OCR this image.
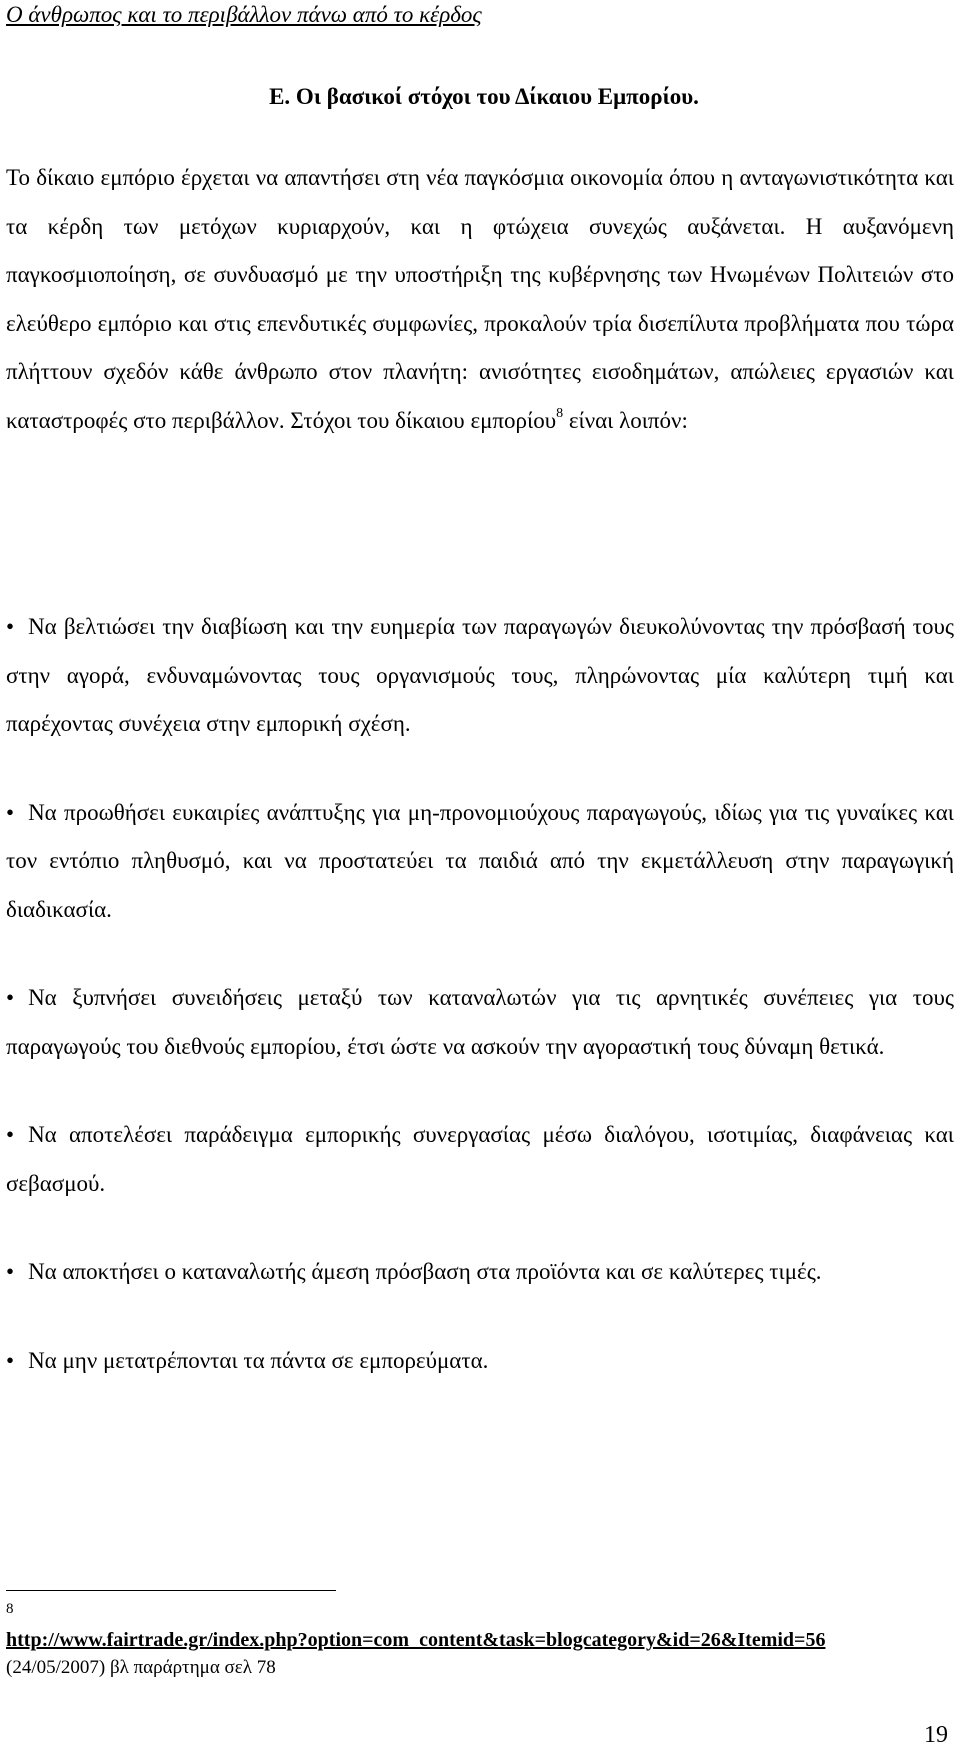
Ο άνθρωπος και το περιβάλλον πάνω από το κέρδος
Ε. Οι βασικοί στόχοι του Δίκαιου Εμπορίου.
Το δίκαιο εμπόριο έρχεται να απαντήσει στη νέα παγκόσμια οικονομία όπου η ανταγωνιστικότητα και τα κέρδη των μετόχων κυριαρχούν, και η φτώχεια συνεχώς αυξάνεται. Η αυξανόμενη παγκοσμιοποίηση, σε συνδυασμό με την υποστήριξη της κυβέρνησης των Ηνωμένων Πολιτειών στο ελεύθερο εμπόριο και στις επενδυτικές συμφωνίες, προκαλούν τρία δισεπίλυτα προβλήματα που τώρα πλήττουν σχεδόν κάθε άνθρωπο στον πλανήτη: ανισότητες εισοδημάτων, απώλειες εργασιών και καταστροφές στο περιβάλλον. Στόχοι του δίκαιου εμπορίου$^8$ είναι λοιπόν:
• Να βελτιώσει την διαβίωση και την ευημερία των παραγωγών διευκολύνοντας την πρόσβασή τους στην αγορά, ενδυναμώνοντας τους οργανισμούς τους, πληρώνοντας μία καλύτερη τιμή και παρέχοντας συνέχεια στην εμπορική σχέση.
• Να προωθήσει ευκαιρίες ανάπτυξης για μη-προνομιούχους παραγωγούς, ιδίως για τις γυναίκες και τον εντόπιο πληθυσμό, και να προστατεύει τα παιδιά από την εκμετάλλευση στην παραγωγική διαδικασία.
• Να ξυπνήσει συνειδήσεις μεταξύ των καταναλωτών για τις αρνητικές συνέπειες για τους παραγωγούς του διεθνούς εμπορίου, έτσι ώστε να ασκούν την αγοραστική τους δύναμη θετικά.
• Να αποτελέσει παράδειγμα εμπορικής συνεργασίας μέσω διαλόγου, ισοτιμίας, διαφάνειας και σεβασμού.
• Να αποκτήσει ο καταναλωτής άμεση πρόσβαση στα προϊόντα και σε καλύτερες τιμές.
• Να μην μετατρέπονται τα πάντα σε εμπορεύματα.
8
http://www.fairtrade.gr/index.php?option=com_content&task=blogcategory&id=26&Itemid=56
(24/05/2007) βλ παράρτημα σελ 78
19
